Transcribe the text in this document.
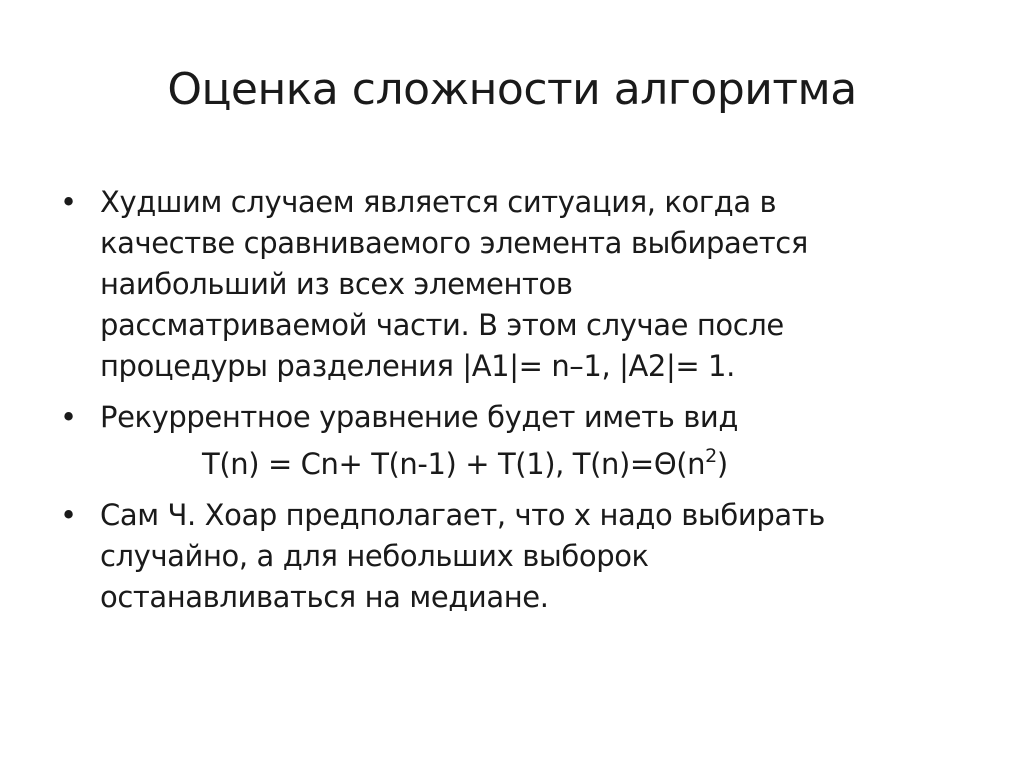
Оценка сложности алгоритма
• Худшим случаем является ситуация, когда в
качестве сравниваемого элемента выбирается
наибольший из всех элементов
рассматриваемой части. В этом случае после
процедуры разделения |A1|= n–1, |A2|= 1.
• Рекуррентное уравнение будет иметь вид
T(n) = Cn+ T(n-1) + T(1), $T(n)=\Theta(n^2)$
• Сам Ч. Хоар предполагает, что x надо выбирать
случайно, а для небольших выборок
останавливаться на медиане.
